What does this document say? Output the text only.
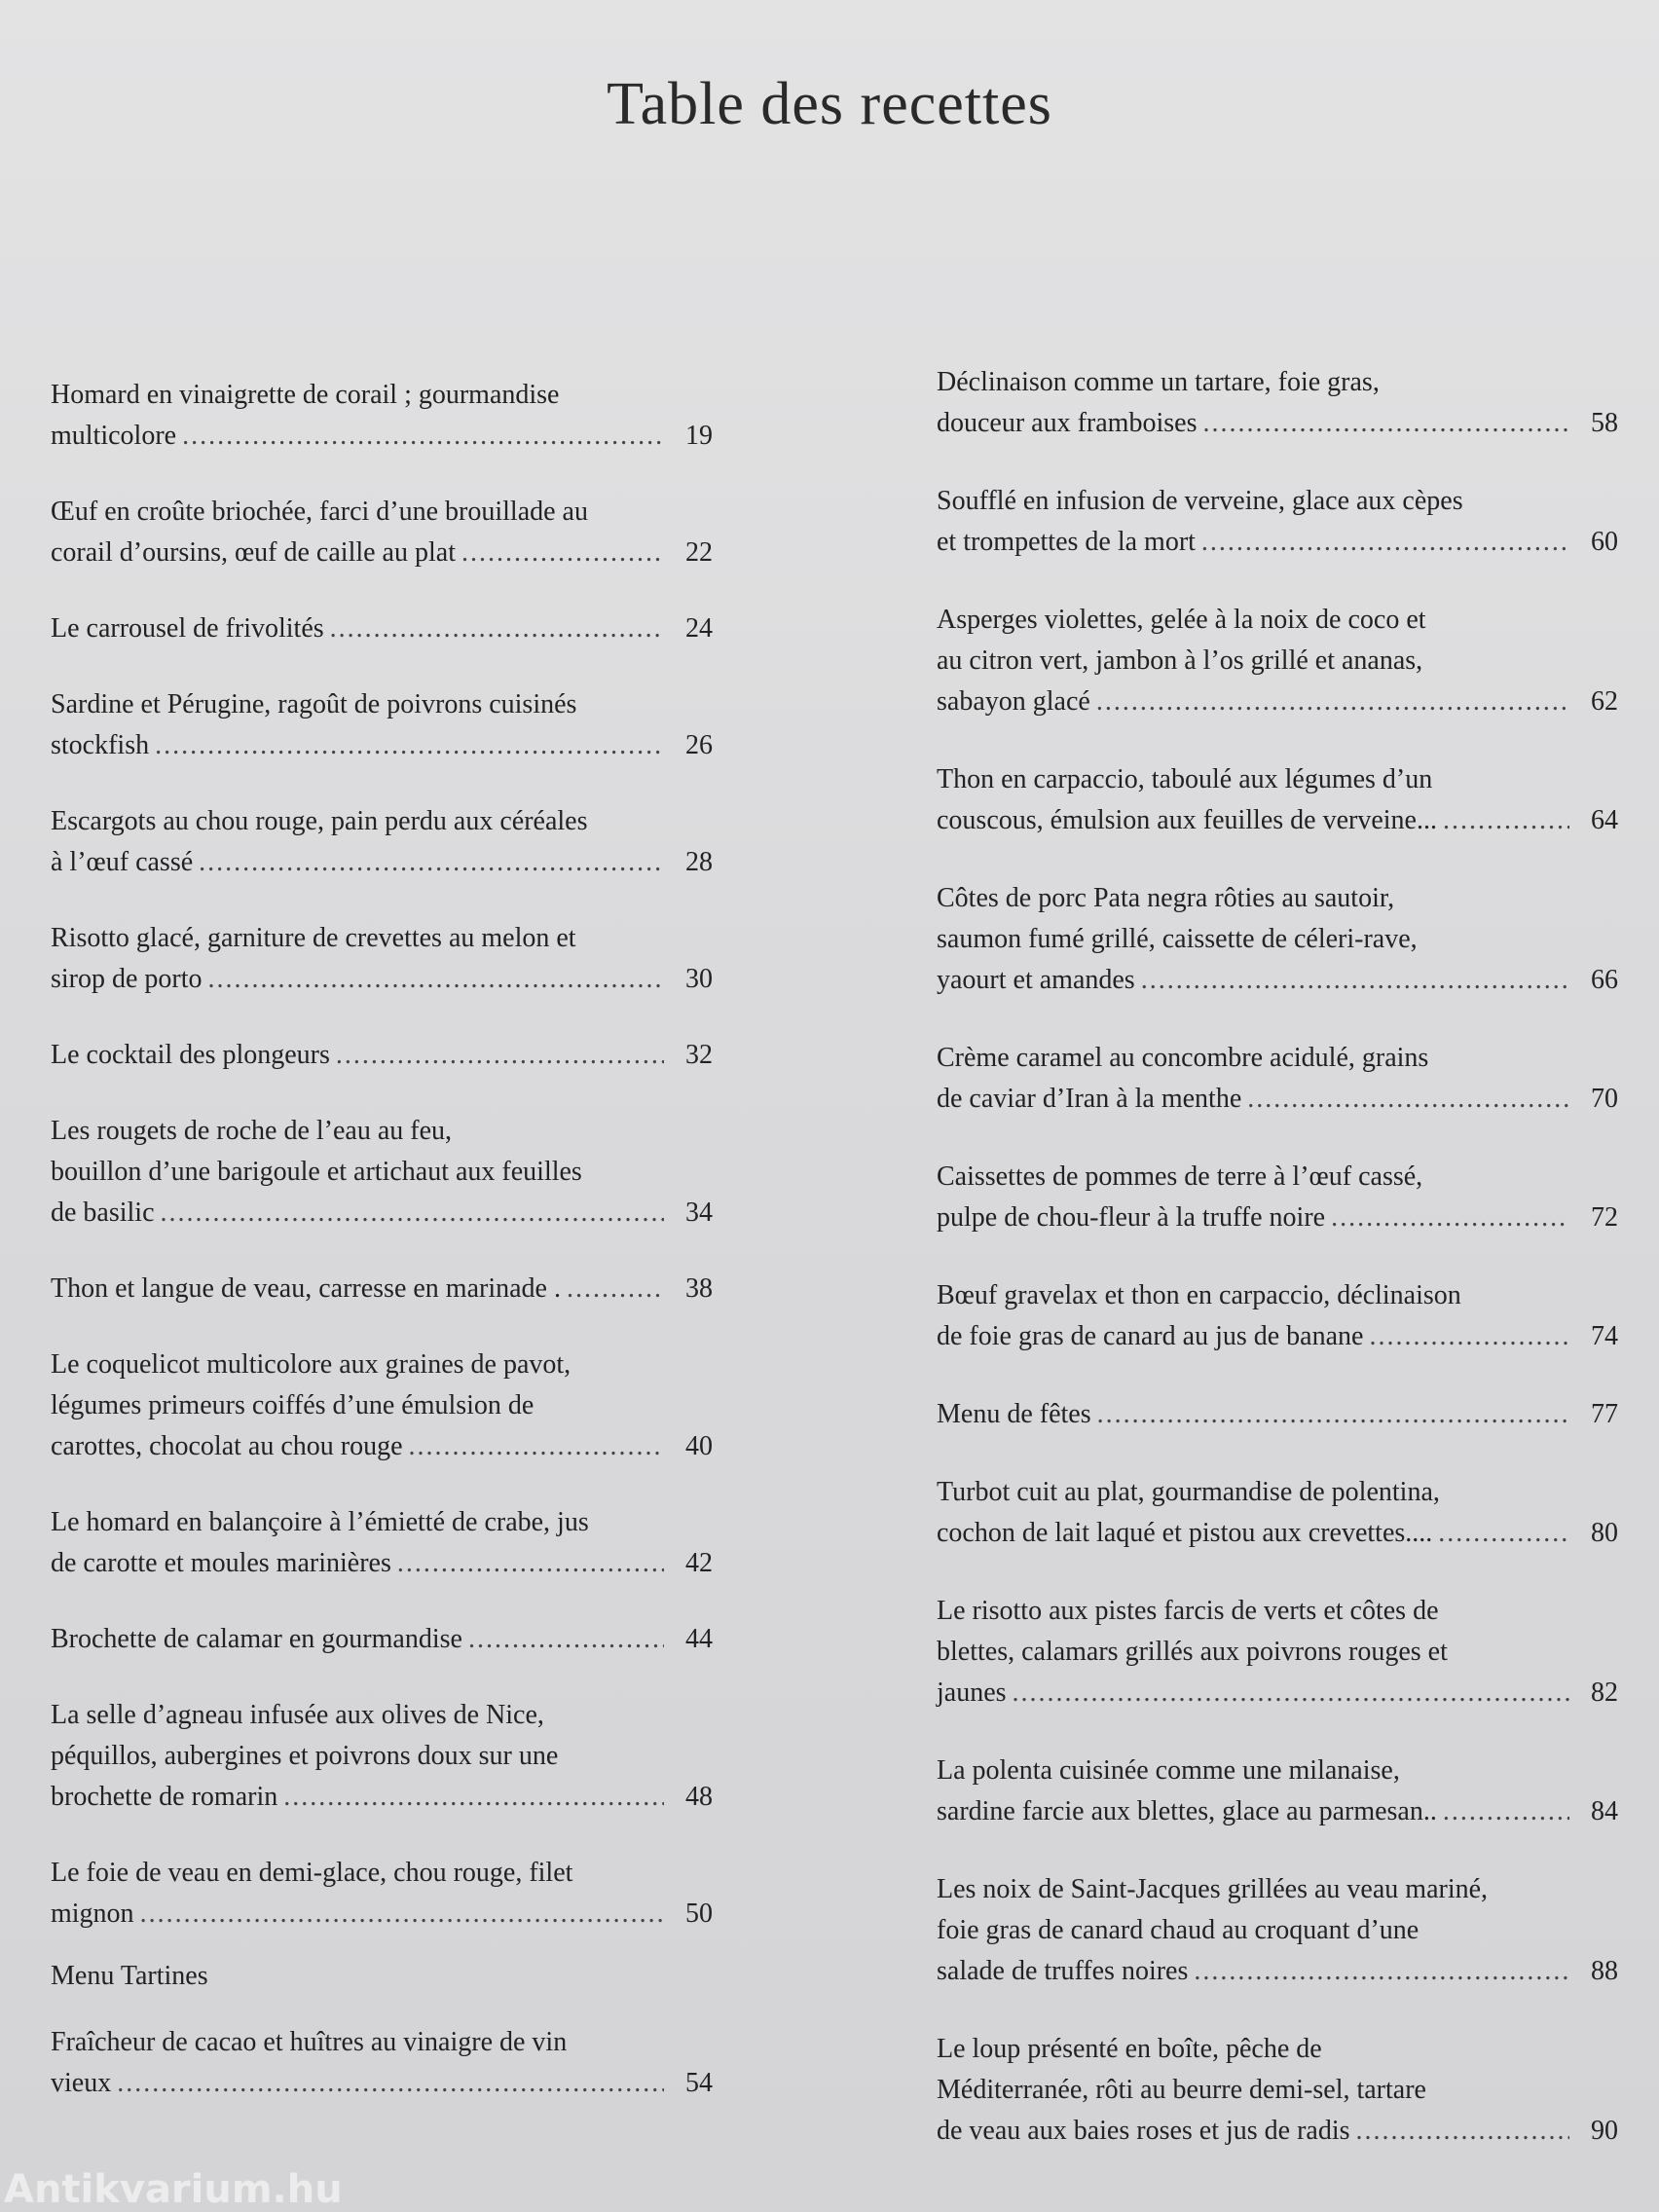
Table des recettes
Homard en vinaigrette de corail ; gourmandise
multicolore .....	19
Œuf en croûte briochée, farci d’une brouillade au
corail d’oursins, œuf de caille au plat .....	22
Le carrousel de frivolités .....	24
Sardine et Pérugine, ragoût de poivrons cuisinés
stockfish .....	26
Escargots au chou rouge, pain perdu aux céréales
à l’œuf cassé .....	28
Risotto glacé, garniture de crevettes au melon et
sirop de porto .....	30
Le cocktail des plongeurs .....	32
Les rougets de roche de l’eau au feu,
bouillon d’une barigoule et artichaut aux feuilles
de basilic .....	34
Thon et langue de veau, carresse en marinade . .....	38
Le coquelicot multicolore aux graines de pavot,
légumes primeurs coiffés d’une émulsion de
carottes, chocolat au chou rouge .....	40
Le homard en balançoire à l’émietté de crabe, jus
de carotte et moules marinières .....	42
Brochette de calamar en gourmandise .....	44
La selle d’agneau infusée aux olives de Nice,
péquillos, aubergines et poivrons doux sur une
brochette de romarin .....	48
Le foie de veau en demi-glace, chou rouge, filet
mignon .....	50
Menu Tartines
Fraîcheur de cacao et huîtres au vinaigre de vin
vieux .....	54
Déclinaison comme un tartare, foie gras,
douceur aux framboises .....	58
Soufflé en infusion de verveine, glace aux cèpes
et trompettes de la mort .....	60
Asperges violettes, gelée à la noix de coco et
au citron vert, jambon à l’os grillé et ananas,
sabayon glacé .....	62
Thon en carpaccio, taboulé aux légumes d’un
couscous, émulsion aux feuilles de verveine... .....	64
Côtes de porc Pata negra rôties au sautoir,
saumon fumé grillé, caissette de céleri-rave,
yaourt et amandes .....	66
Crème caramel au concombre acidulé, grains
de caviar d’Iran à la menthe .....	70
Caissettes de pommes de terre à l’œuf cassé,
pulpe de chou-fleur à la truffe noire .....	72
Bœuf gravelax et thon en carpaccio, déclinaison
de foie gras de canard au jus de banane .....	74
Menu de fêtes .....	77
Turbot cuit au plat, gourmandise de polentina,
cochon de lait laqué et pistou aux crevettes.... .....	80
Le risotto aux pistes farcis de verts et côtes de
blettes, calamars grillés aux poivrons rouges et
jaunes .....	82
La polenta cuisinée comme une milanaise,
sardine farcie aux blettes, glace au parmesan.. .....	84
Les noix de Saint-Jacques grillées au veau mariné,
foie gras de canard chaud au croquant d’une
salade de truffes noires .....	88
Le loup présenté en boîte, pêche de
Méditerranée, rôti au beurre demi-sel, tartare
de veau aux baies roses et jus de radis .....	90
Antikvarium.hu
